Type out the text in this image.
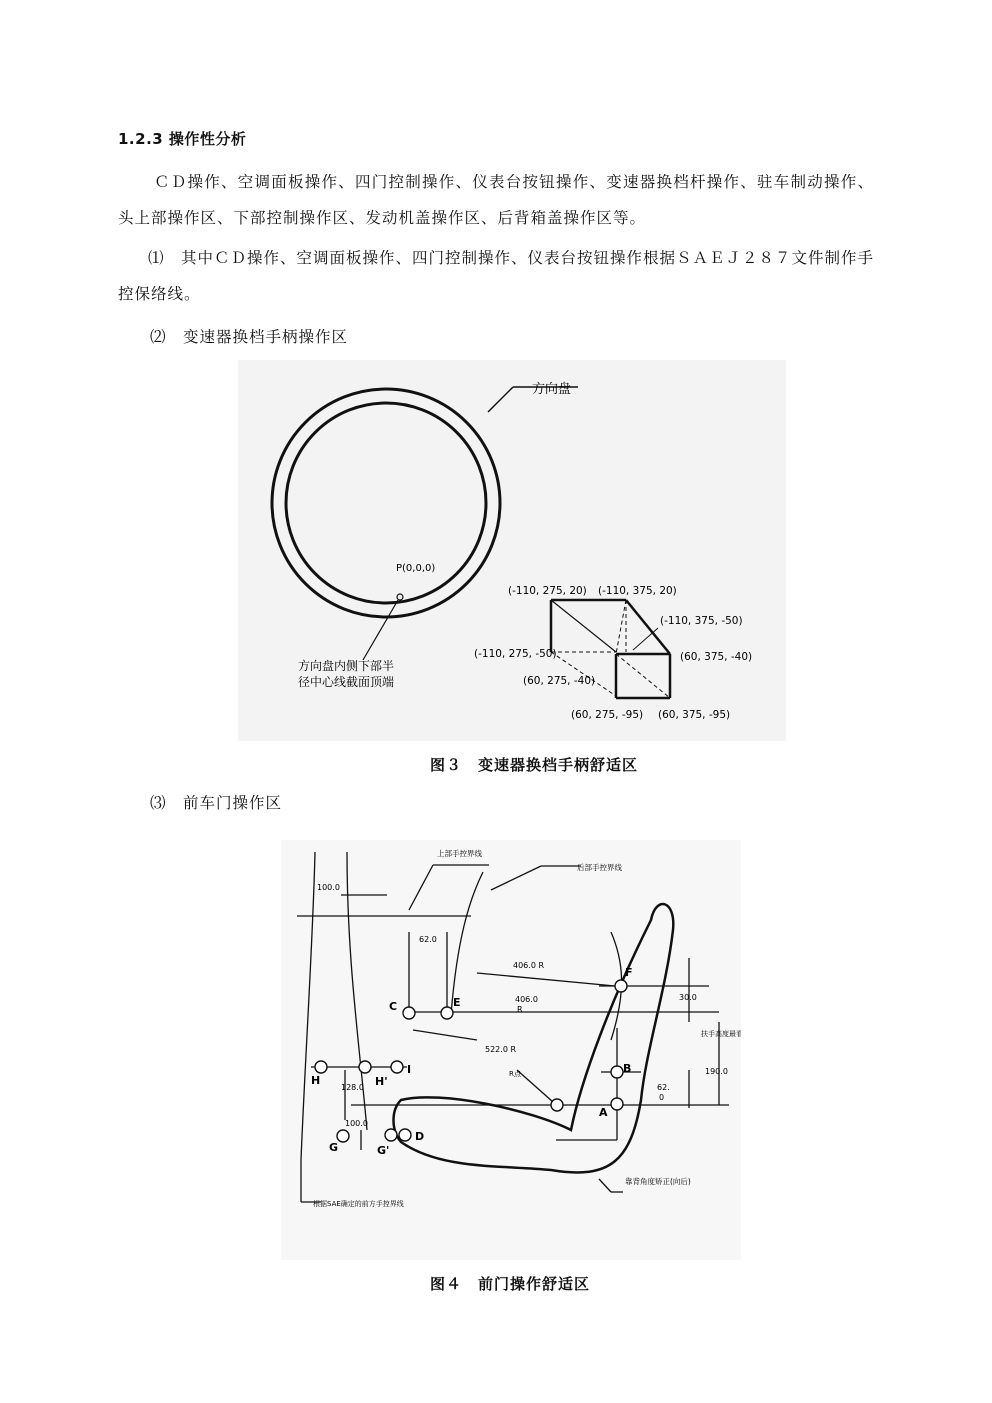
1.2.3 操作性分析
ＣＤ操作、空调面板操作、四门控制操作、仪表台按钮操作、变速器换档杆操作、驻车制动操作、头上部操作区、下部控制操作区、发动机盖操作区、后背箱盖操作区等。
⑴　其中ＣＤ操作、空调面板操作、四门控制操作、仪表台按钮操作根据ＳＡＥＪ２８７文件制作手控保络线。
⑵　变速器换档手柄操作区
方向盘
P(0,0,0)
方向盘内侧下部半
径中心线截面顶端
(-110, 275, 20) (-110, 375, 20)
(-110, 375, -50)
(-110, 275, -50)	(60, 375, -40)
(60, 275, -40)
(60, 275, -95) (60, 375, -95)
图３　变速器换档手柄舒适区
⑶　前车门操作区
上部手控界线
后部手控界线
100.0
62.0
406.0 R
406.0
R
522.0 R
30.0
扶手高度最看
190.0
62.
0
128.0
100.0
R点
靠背角度矫正(向后)
根据SAE确定的前方手控界线
C	E
F
B
A
H	H'
I
G	G'
D
图４　前门操作舒适区
